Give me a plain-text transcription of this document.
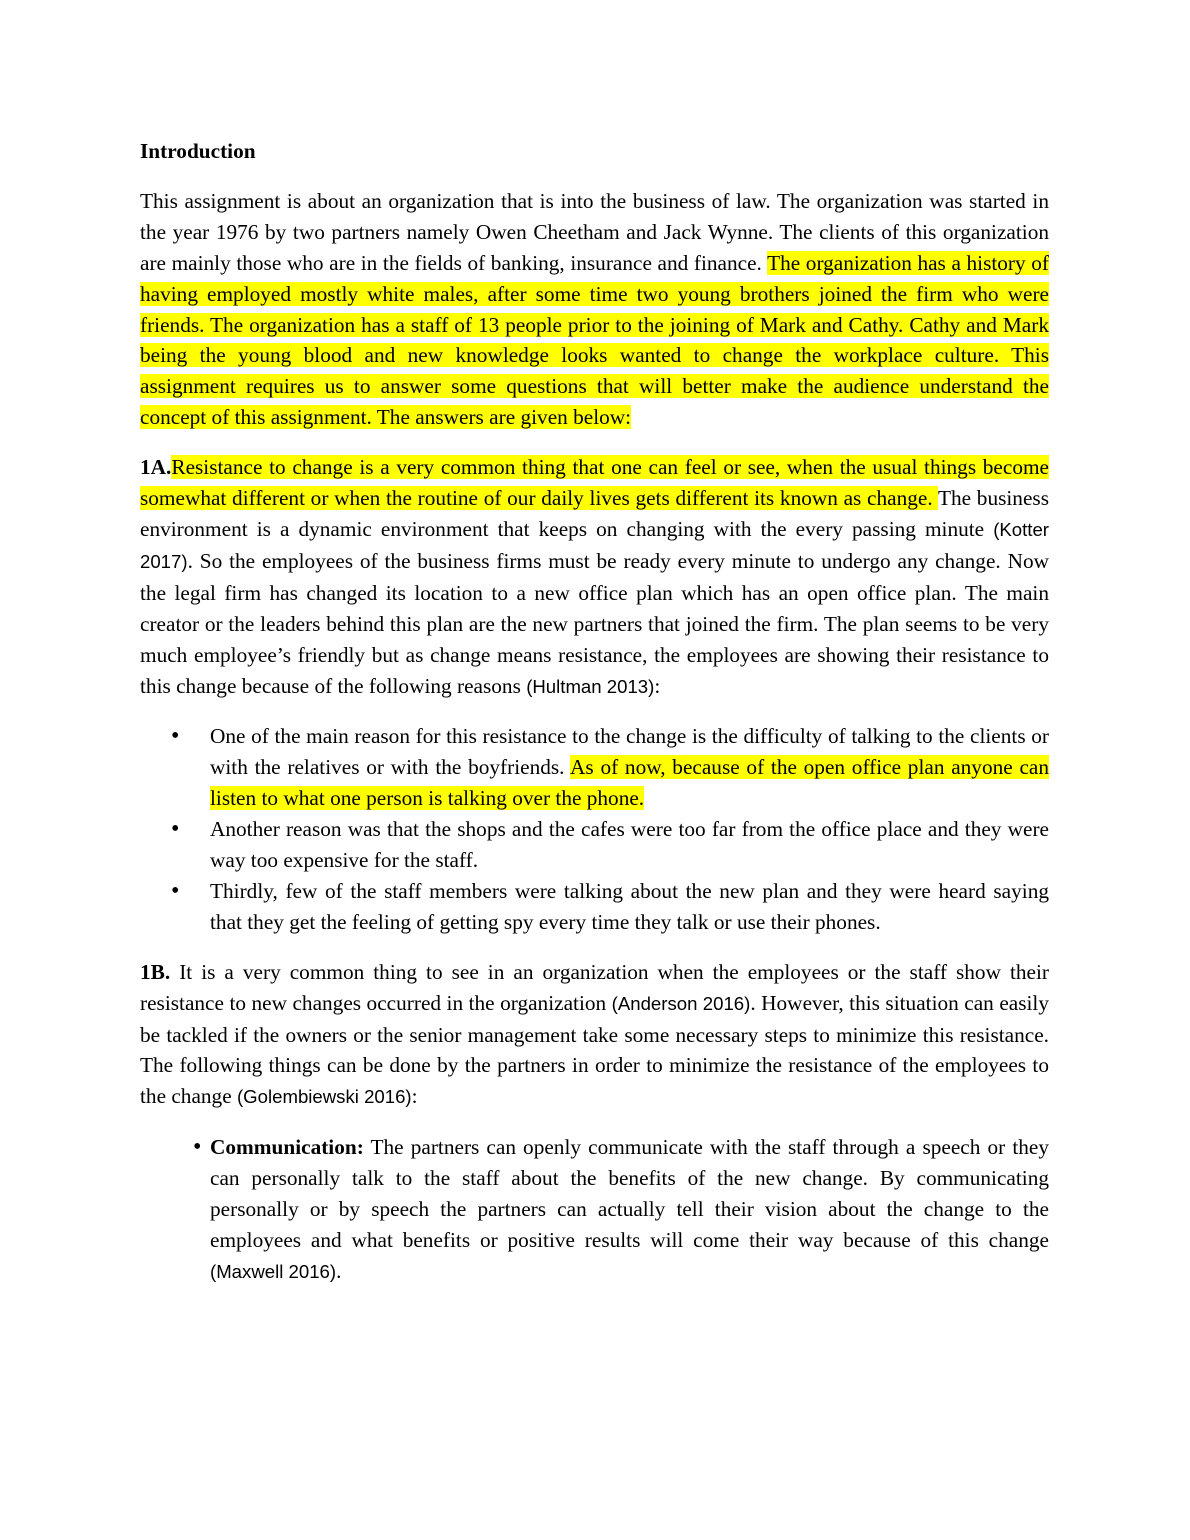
Introduction

This assignment is about an organization that is into the business of law. The organization was started in the year 1976 by two partners namely Owen Cheetham and Jack Wynne. The clients of this organization are mainly those who are in the fields of banking, insurance and finance. The organization has a history of having employed mostly white males, after some time two young brothers joined the firm who were friends. The organization has a staff of 13 people prior to the joining of Mark and Cathy. Cathy and Mark being the young blood and new knowledge looks wanted to change the workplace culture. This assignment requires us to answer some questions that will better make the audience understand the concept of this assignment. The answers are given below:

1A.Resistance to change is a very common thing that one can feel or see, when the usual things become somewhat different or when the routine of our daily lives gets different its known as change. The business environment is a dynamic environment that keeps on changing with the every passing minute (Kotter 2017). So the employees of the business firms must be ready every minute to undergo any change. Now the legal firm has changed its location to a new office plan which has an open office plan. The main creator or the leaders behind this plan are the new partners that joined the firm. The plan seems to be very much employee’s friendly but as change means resistance, the employees are showing their resistance to this change because of the following reasons (Hultman 2013):

• One of the main reason for this resistance to the change is the difficulty of talking to the clients or with the relatives or with the boyfriends. As of now, because of the open office plan anyone can listen to what one person is talking over the phone.
• Another reason was that the shops and the cafes were too far from the office place and they were way too expensive for the staff.
• Thirdly, few of the staff members were talking about the new plan and they were heard saying that they get the feeling of getting spy every time they talk or use their phones.

1B. It is a very common thing to see in an organization when the employees or the staff show their resistance to new changes occurred in the organization (Anderson 2016). However, this situation can easily be tackled if the owners or the senior management take some necessary steps to minimize this resistance. The following things can be done by the partners in order to minimize the resistance of the employees to the change (Golembiewski 2016):

• Communication: The partners can openly communicate with the staff through a speech or they can personally talk to the staff about the benefits of the new change. By communicating personally or by speech the partners can actually tell their vision about the change to the employees and what benefits or positive results will come their way because of this change (Maxwell 2016).
